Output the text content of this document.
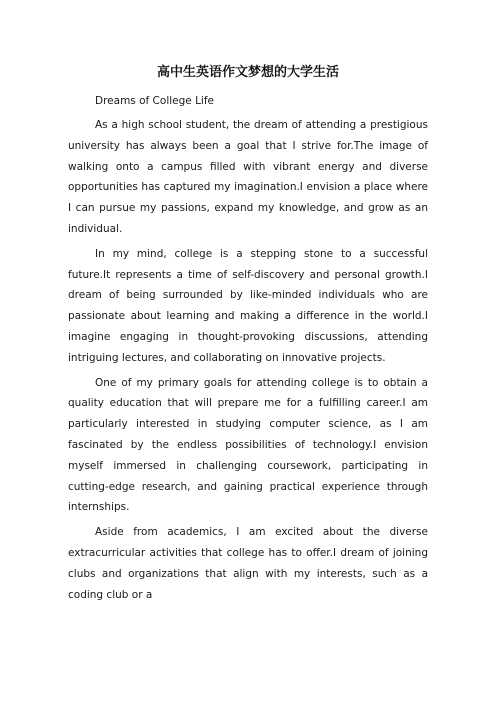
高中生英语作文梦想的大学生活

Dreams of College Life

As a high school student, the dream of attending a prestigious university has always been a goal that I strive for.The image of walking onto a campus filled with vibrant energy and diverse opportunities has captured my imagination.I envision a place where I can pursue my passions, expand my knowledge, and grow as an individual.

In my mind, college is a stepping stone to a successful future.It represents a time of self-discovery and personal growth.I dream of being surrounded by like-minded individuals who are passionate about learning and making a difference in the world.I imagine engaging in thought-provoking discussions, attending intriguing lectures, and collaborating on innovative projects.

One of my primary goals for attending college is to obtain a quality education that will prepare me for a fulfilling career.I am particularly interested in studying computer science, as I am fascinated by the endless possibilities of technology.I envision myself immersed in challenging coursework, participating in cutting-edge research, and gaining practical experience through internships.

Aside from academics, I am excited about the diverse extracurricular activities that college has to offer.I dream of joining clubs and organizations that align with my interests, such as a coding club or a
